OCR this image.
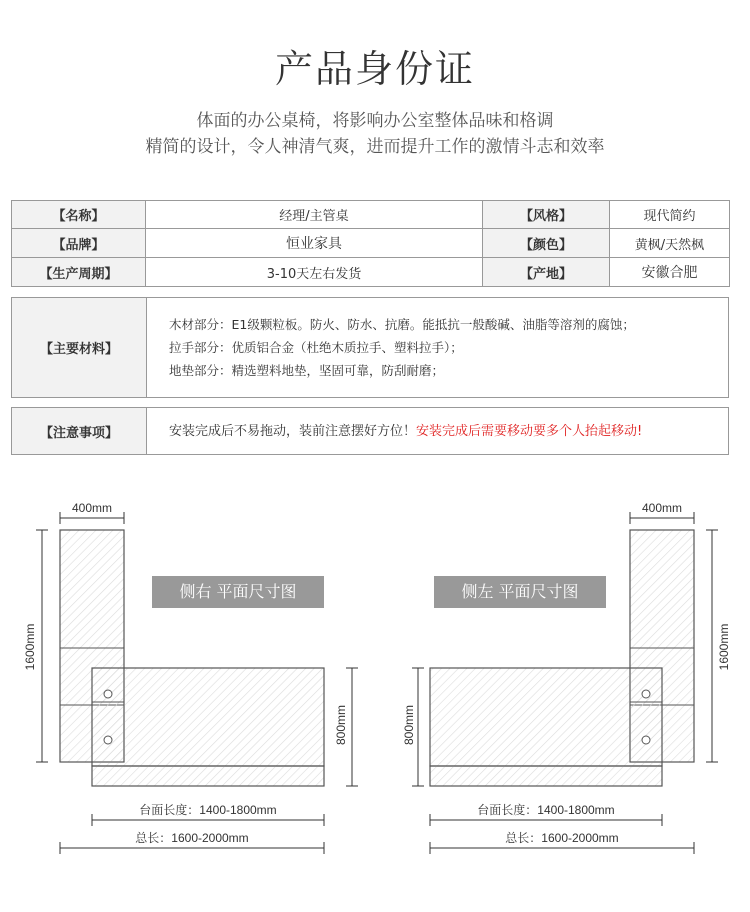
产品身份证
体面的办公桌椅，将影响办公室整体品味和格调
精简的设计，令人神清气爽，进而提升工作的激情斗志和效率
【名称】	经理/主管桌	【风格】	现代简约
【品牌】	恒业家具	【颜色】	黄枫/天然枫
【生产周期】	3-10天左右发货	【产地】	安徽合肥
【主要材料】
木材部分：E1级颗粒板。防火、防水、抗磨。能抵抗一般酸碱、油脂等溶剂的腐蚀；
拉手部分：优质铝合金（杜绝木质拉手、塑料拉手）；
地垫部分：精选塑料地垫，坚固可靠，防刮耐磨；
【注意事项】	安装完成后不易拖动，装前注意摆好方位！ 安装完成后需要移动要多个人抬起移动!
400mm
1600mm
800mm
台面长度：1400-1800mm
总长：1600-2000mm
侧右 平面尺寸图
400mm
1600mm
800mm
台面长度：1400-1800mm
总长：1600-2000mm
侧左 平面尺寸图
